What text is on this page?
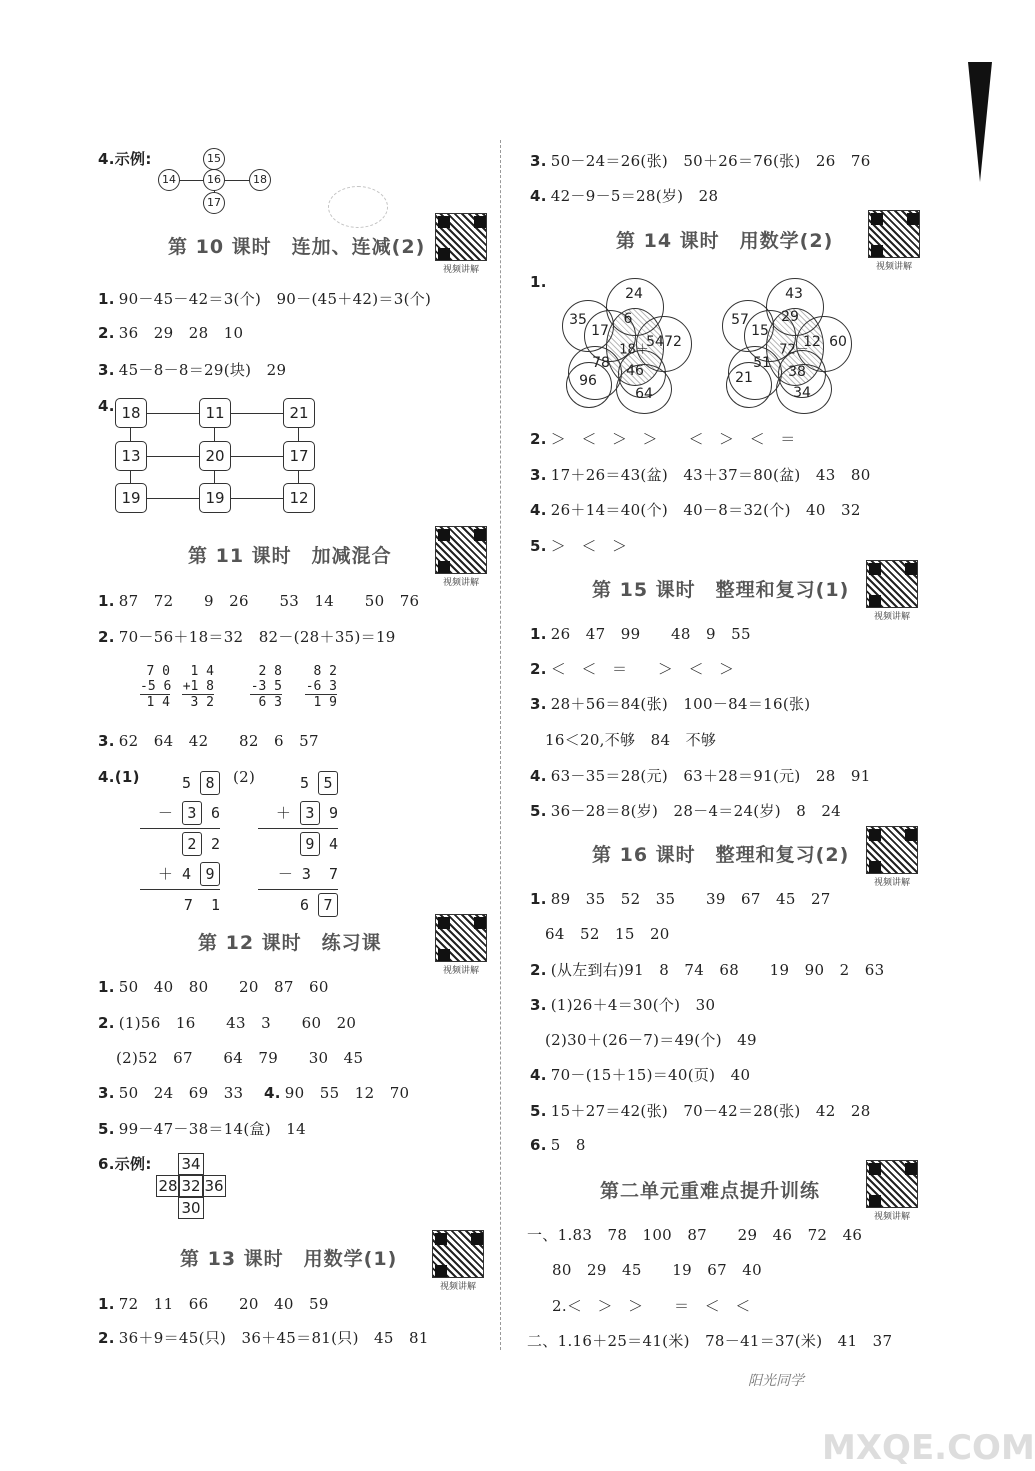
4.示例:	15
14	16	18
17
第 10 课时　连加、连减(2)
视频讲解
1. 90－45－42＝3(个)　90－(45＋42)＝3(个)
2. 36　29　28　10
3. 45－8－8＝29(块)　29
4. 18	11	21
13	20	17
19	19	12
第 11 课时　加减混合
视频讲解
1. 87　72　　9　26　　53　14　　50　76
2. 70－56＋18＝32　82－(28＋35)＝19
7 0
-5 6
1 4
1 4
+1 8
3 2
2 8
-3 5
6 3
8 2
-6 3
1 9
3. 62　64　42　　82　6　57
4.(1)	(2)
5 8
－ 3 6
2 2
＋ 4 9
7 1
5 5
＋ 3 9
9 4
－ 3 7
6 7
第 12 课时　练习课
视频讲解
1. 50　40　80　　20　87　60
2. (1)56　16　　43　3　　60　20
(2)52　67　　64　79　　30　45
3. 50　24　69　33 4. 90　55　12　70
5. 99－47－38＝14(盒)　14
6.示例: 34
28 32 36
30
第 13 课时　用数学(1)
视频讲解
1. 72　11　66　　20　40　59
2. 36＋9＝45(只)　36＋45＝81(只)　45　81
3. 50－24＝26(张)　50＋26＝76(张)　26　76
4. 42－9－5＝28(岁)　28
第 14 课时　用数学(2)
视频讲解
1.
18＋
24
6
17
35
54 72
46
64
78
96
72－
43
29
15
57
12 60
38
34
51
21
2. ＞　＜　＞　＞　　＜　＞　＜　＝
3. 17＋26＝43(盆)　43＋37＝80(盆)　43　80
4. 26＋14＝40(个)　40－8＝32(个)　40　32
5. ＞　＜　＞
第 15 课时　整理和复习(1)
视频讲解
1. 26　47　99　　48　9　55
2. ＜　＜　＝　　＞　＜　＞
3. 28＋56＝84(张)　100－84＝16(张)
16＜20,不够　84　不够
4. 63－35＝28(元)　63＋28＝91(元)　28　91
5. 36－28＝8(岁)　28－4＝24(岁)　8　24
第 16 课时　整理和复习(2)
视频讲解
1. 89　35　52　35　　39　67　45　27
64　52　15　20
2. (从左到右)91　8　74　68　　19　90　2　63
3. (1)26＋4＝30(个)　30
(2)30＋(26－7)＝49(个)　49
4. 70－(15＋15)＝40(页)　40
5. 15＋27＝42(张)　70－42＝28(张)　42　28
6. 5　8
第二单元重难点提升训练
视频讲解
一、1.83　78　100　87　　29　46　72　46
80　29　45　　19　67　40
2.＜　＞　＞　　＝　＜　＜
二、1.16＋25＝41(米)　78－41＝37(米)　41　37
阳光同学
MXQE.COM
